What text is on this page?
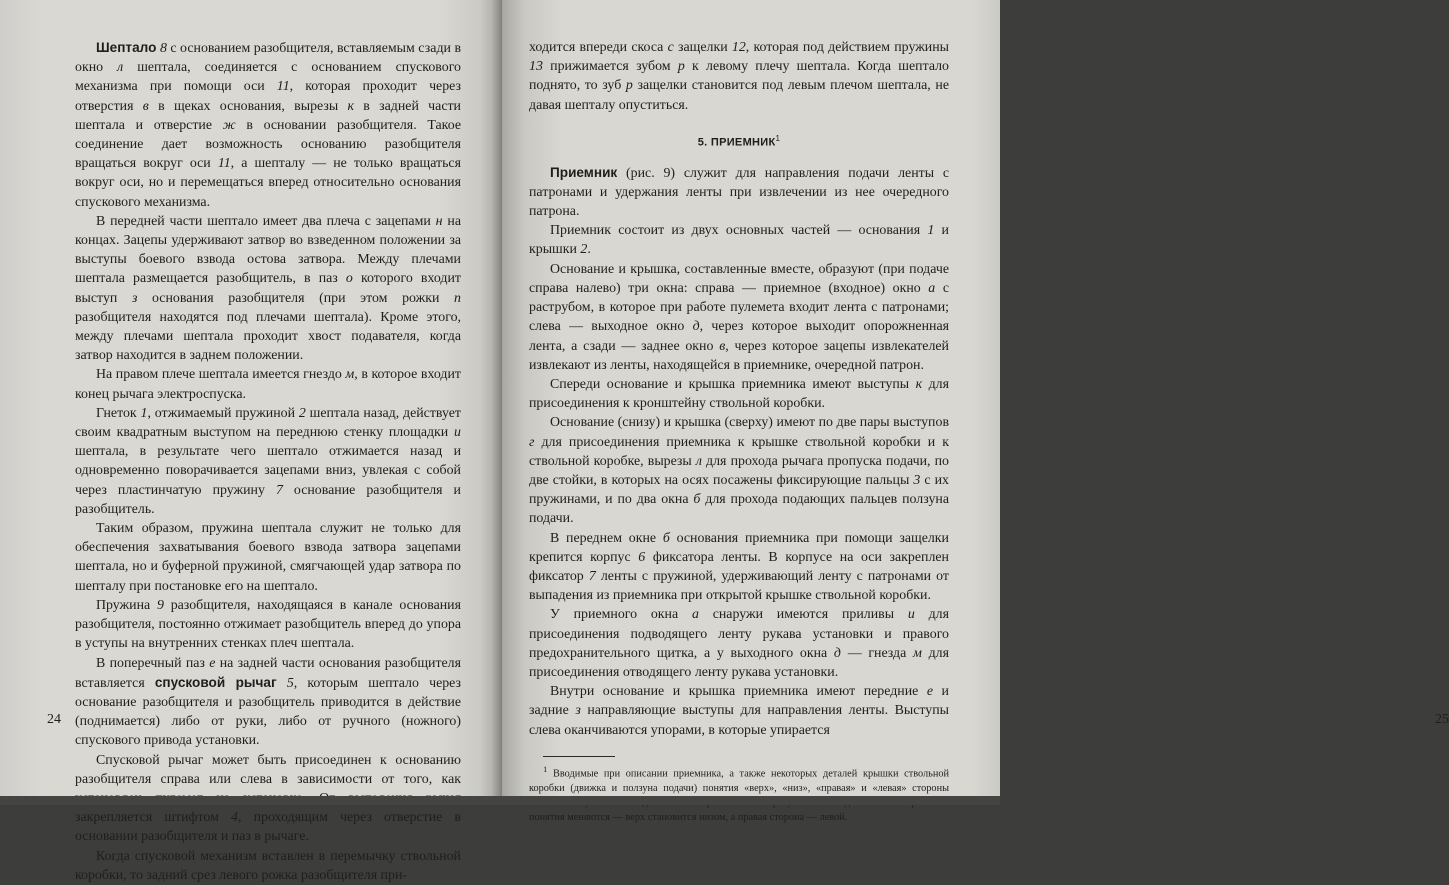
Шептало 8 с основанием разобщителя, вставляемым сзади в окно л шептала, соединяется с основанием спускового механизма при помощи оси 11, которая проходит через отверстия в в щеках основания, вырезы к в задней части шептала и отверстие ж в основании разобщителя. Такое соединение дает возможность основанию разобщителя вращаться вокруг оси 11, а шепталу — не только вращаться вокруг оси, но и перемещаться вперед относительно основания спускового механизма.

В передней части шептало имеет два плеча с зацепами н на концах. Зацепы удерживают затвор во взведенном положении за выступы боевого взвода остова затвора. Между плечами шептала размещается разобщитель, в паз о которого входит выступ з основания разобщителя (при этом рожки п разобщителя находятся под плечами шептала). Кроме этого, между плечами шептала проходит хвост подавателя, когда затвор находится в заднем положении.

На правом плече шептала имеется гнездо м, в которое входит конец рычага электроспуска.

Гнеток 1, отжимаемый пружиной 2 шептала назад, действует своим квадратным выступом на переднюю стенку площадки и шептала, в результате чего шептало отжимается назад и одновременно поворачивается зацепами вниз, увлекая с собой через пластинчатую пружину 7 основание разобщителя и разобщитель.

Таким образом, пружина шептала служит не только для обеспечения захватывания боевого взвода затвора зацепами шептала, но и буферной пружиной, смягчающей удар затвора по шепталу при постановке его на шептало.

Пружина 9 разобщителя, находящаяся в канале основания разобщителя, постоянно отжимает разобщитель вперед до упора в уступы на внутренних стенках плеч шептала.

В поперечный паз е на задней части основания разобщителя вставляется спусковой рычаг 5, которым шептало через основание разобщителя и разобщитель приводится в действие (поднимается) либо от руки, либо от ручного (ножного) спускового привода установки.

Спусковой рычаг может быть присоединен к основанию разобщителя справа или слева в зависимости от того, как закрепляется штифтом 4, проходящим через отверстие в основании разобщителя и паз в рычаге.

Когда спусковой механизм вставлен в перемычку ствольной коробки, то задний срез левого рожка разобщителя при-

24

ходится впереди скоса с защелки 12, которая под действием пружины 13 прижимается зубом р к левому плечу шептала. Когда шептало поднято, то зуб р защелки становится под левым плечом шептала, не давая шепталу опуститься.

5. ПРИЕМНИК$^1$

Приемник (рис. 9) служит для направления подачи ленты с патронами и удержания ленты при извлечении из нее очередного патрона.

Приемник состоит из двух основных частей — основания 1 и крышки 2.

Основание и крышка, составленные вместе, образуют (при подаче справа налево) три окна: справа — приемное (входное) окно а с раструбом, в которое при работе пулемета входит лента с патронами; слева — выходное окно д, через которое выходит опорожненная лента, а сзади — заднее окно в, через которое зацепы извлекателей извлекают из ленты, находящейся в приемнике, очередной патрон.

Спереди основание и крышка приемника имеют выступы к для присоединения к кронштейну ствольной коробки.

Основание (снизу) и крышка (сверху) имеют по две пары выступов г для присоединения приемника к крышке ствольной коробки и к ствольной коробке, вырезы л для прохода рычага пропуска подачи, по две стойки, в которых на осях посажены фиксирующие пальцы 3 с их пружинами, и по два окна б для прохода подающих пальцев ползуна подачи.

В переднем окне б основания приемника при помощи защелки крепится корпус 6 фиксатора ленты. В корпусе на оси закреплен фиксатор 7 ленты с пружиной, удерживающий ленту с патронами от выпадения из приемника при открытой крышке ствольной коробки.

У приемного окна а снаружи имеются приливы и для присоединения подводящего ленту рукава установки и правого предохранительного щитка, а у выходного окна д — гнезда м для присоединения отводящего ленту рукава установки.

Внутри основание и крышка приемника имеют передние е и задние з направляющие выступы для направления ленты. Выступы слева оканчиваются упорами, в которые упирается

$^1$ Вводимые при описании приемника, а также некоторых деталей крышки ствольной коробки (движка и ползуна подачи) понятия «верх», «низ», «правая» и «левая» стороны понятия меняются — верх становится низом, а правая сторона — левой.

25
